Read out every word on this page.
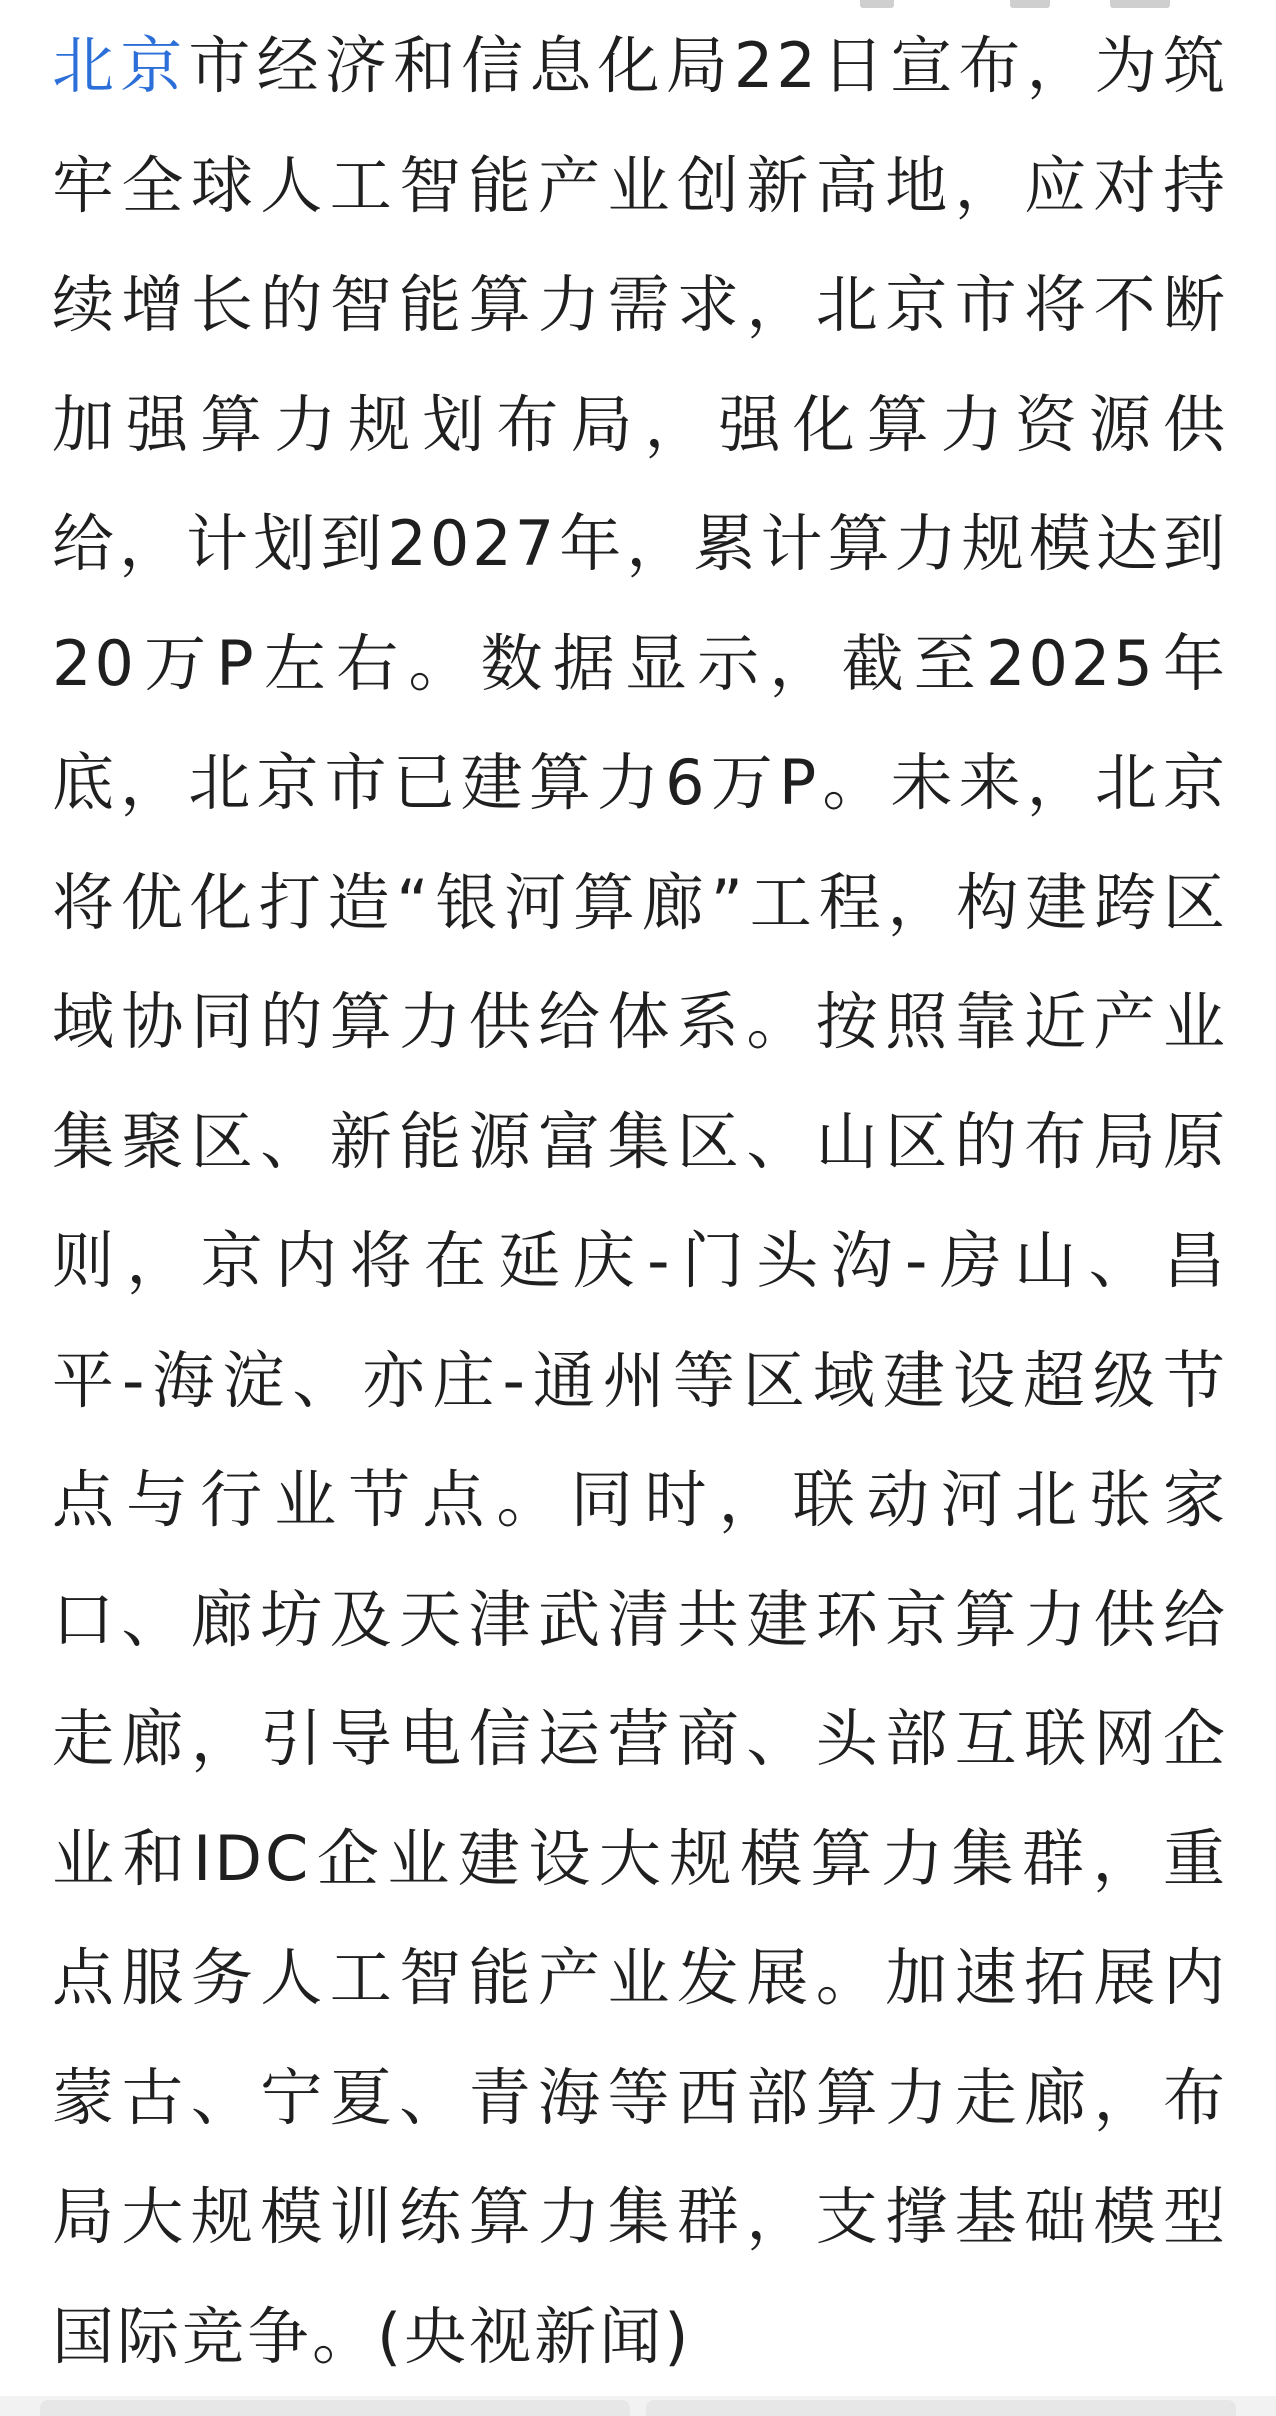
北京市经济和信息化局22日宣布，为筑
牢全球人工智能产业创新高地，应对持
续增长的智能算力需求，北京市将不断
加强算力规划布局，强化算力资源供
给，计划到2027年，累计算力规模达到
20万P左右。数据显示，截至2025年
底，北京市已建算力6万P。未来，北京
将优化打造“银河算廊”工程，构建跨区
域协同的算力供给体系。按照靠近产业
集聚区、新能源富集区、山区的布局原
则，京内将在延庆-门头沟-房山、昌
平-海淀、亦庄-通州等区域建设超级节
点与行业节点。同时，联动河北张家
口、廊坊及天津武清共建环京算力供给
走廊，引导电信运营商、头部互联网企
业和IDC企业建设大规模算力集群，重
点服务人工智能产业发展。加速拓展内
蒙古、宁夏、青海等西部算力走廊，布
局大规模训练算力集群，支撑基础模型
国际竞争。(央视新闻)
